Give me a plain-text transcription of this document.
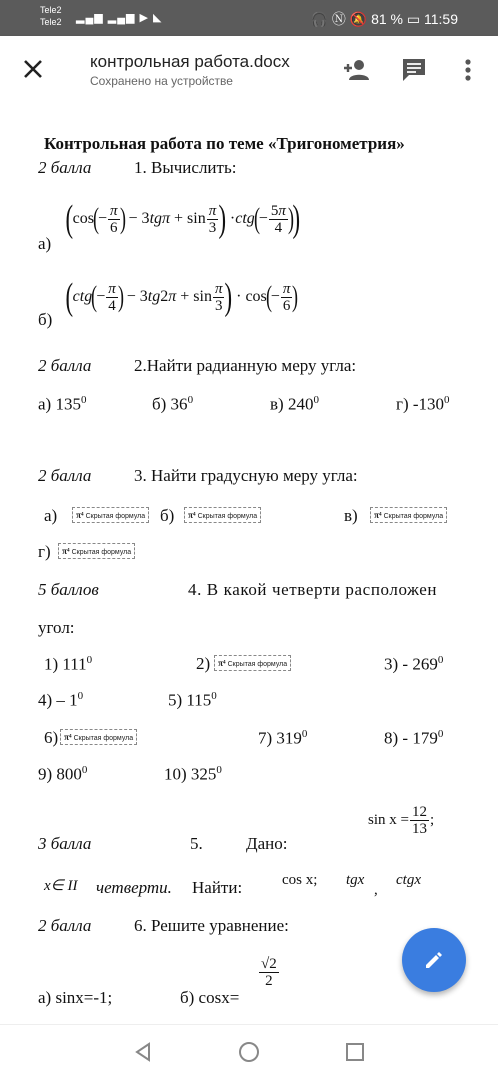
Tele2
Tele2 ▂▄▆ ▂▄▆ ▶ ◣	🎧 Ⓝ 🔕 81 % ▭ 11:59
контрольная работа.docx
Сохранено на устройстве
Контрольная работа по теме «Тригонометрия»
2 балла	1. Вычислить:
а)
( cos ( − $\frac{\pi}{6}$ ) − 3 $tg\pi + \sin \frac{\pi}{3}$ ) · ctg ( − $\frac{5\pi}{4}$ )
)
б)
( ctg ( − $\frac{\pi}{4}$ ) − 3 tg 2 $\pi + \sin \frac{\pi}{3}$ ) · cos ( − $\frac{\pi}{6}$ )
2 балла	2.Найти радианную меру угла:
а) $135^0$	б) $36^0$	в) $240^0$	г) $-130^0$
2 балла	3. Найти градусную меру угла:
а)	π⁴ Скрытая формула б)	π⁴ Скрытая формула	в)	π⁴ Скрытая формула
г)	π⁴ Скрытая формула
5 баллов	4. В какой четверти расположен
угол:
1) $111^0$	2) π⁴ Скрытая формула	$3) - 269^0$
$4) - 1^0$	5) $115^0$
6) π⁴ Скрытая формула	7) $319^0$	$8) - 179^0$
9) $800^0$	10) $325^0$
$\sin x = \frac{12}{13}$ ;
3 балла	5.	Дано:
x∈ II четверти. Найти:	cos x; tgx
,
ctgx
2 балла	6. Решите уравнение:
а) sinx=-1;	б) cosx=
$\frac{√2}{2}$
